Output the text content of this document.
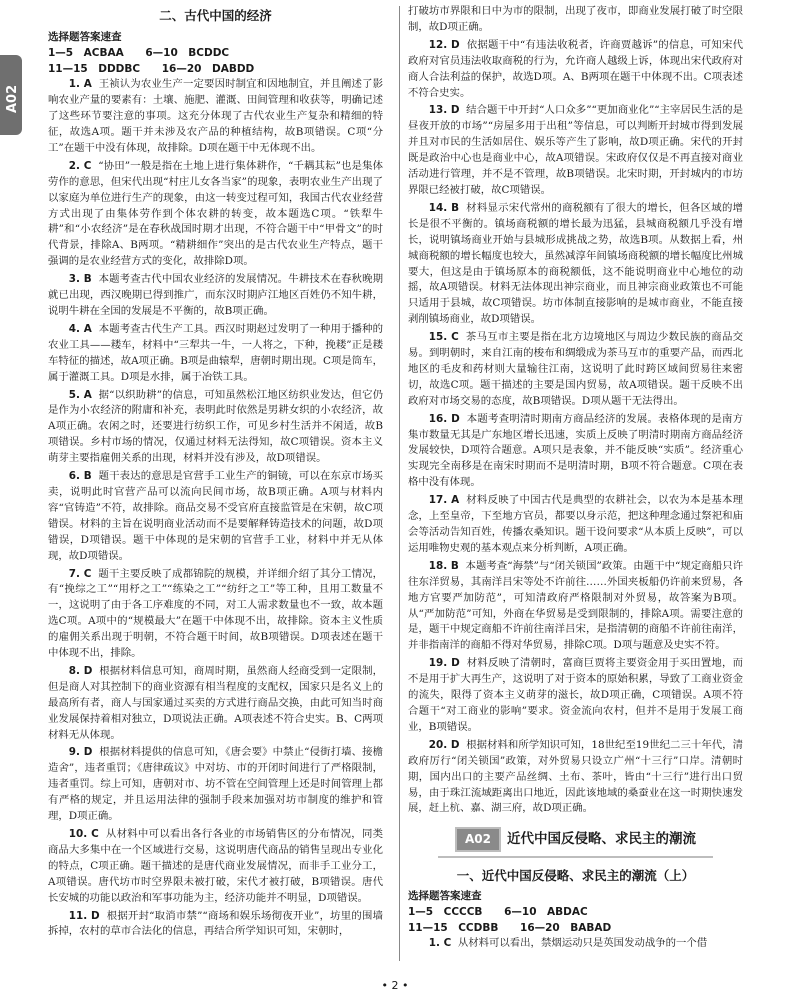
A02
二、古代中国的经济
选择题答案速查
1—5　ACBAA 6—10　BCDDC
11—15　DDDBC 16—20　DABDD

1. A 王祯认为农业生产一定要因时制宜和因地制宜，并且阐述了影响农业产量的要素有：土壤、施肥、灌溉、田间管理和收获等，明确记述了这些环节要注意的事项。这充分体现了古代农业生产复杂和精细的特征，故选A项。题干并未涉及农产品的种植结构，故B项错误。C项“分工”在题干中没有体现，故排除。D项在题干中无体现不出。

2. C “协田”一般是指在土地上进行集体耕作，“千耦其耘”也是集体劳作的意思，但宋代出现“村庄儿女各当家”的现象，表明农业生产出现了以家庭为单位进行生产的现象，由这一转变过程可知，我国古代农业经营方式出现了由集体劳作到个体农耕的转变，故本题选C项。“铁犁牛耕”和“小农经济”是在春秋战国时期才出现，不符合题干中“甲骨文”的时代背景，排除A、B两项。“精耕细作”突出的是古代农业生产特点，题干强调的是农业经营方式的变化，故排除D项。

3. B 本题考查古代中国农业经济的发展情况。牛耕技术在春秋晚期就已出现，西汉晚期已得到推广，而东汉时期庐江地区百姓仍不知牛耕，说明牛耕在全国的发展是不平衡的，故B项正确。

4. A 本题考查古代生产工具。西汉时期赵过发明了一种用于播种的农业工具——耧车，材料中“三犁共一牛，一人将之，下种，挽耧”正是耧车特征的描述，故A项正确。B项是曲辕犁，唐朝时期出现。C项是筒车，属于灌溉工具。D项是水排，属于冶铁工具。

5. A 据“以织助耕”的信息，可知虽然松江地区纺织业发达，但它仍是作为小农经济的附庸和补充，表明此时依然是男耕女织的小农经济，故A项正确。农闲之时，还要进行纺织工作，可见乡村生活并不闲适，故B项错误。乡村市场的情况，仅通过材料无法得知，故C项错误。资本主义萌芽主要指雇佣关系的出现，材料并没有涉及，故D项错误。

6. B 题干表达的意思是官营手工业生产的铜镜，可以在东京市场买卖，说明此时官营产品可以流向民间市场，故B项正确。A项与材料内容“官铸造”不符，故排除。商品交易不受官府直接监管是在宋朝，故C项错误。材料的主旨在说明商业活动而不是要解释铸造技术的问题，故D项错误，D项错误。题干中体现的是宋朝的官营手工业，材料中并无从体现，故D项错误。

7. C 题干主要反映了成都锦院的规模，并详细介绍了其分工情况，有“挽综之工”“用杼之工”“练染之工”“纺纡之工”等工种，且用工数量不一，这说明了由于各工序难度的不同，对工人需求数量也不一致，故本题选C项。A项中的“规模最大”在题干中体现不出，故排除。资本主义性质的雇佣关系出现于明朝，不符合题干时间，故B项错误。D项表述在题干中体现不出，排除。

8. D 根据材料信息可知，商周时期，虽然商人经商受到一定限制，但是商人对其控制下的商业资源有相当程度的支配权，国家只是名义上的最高所有者，商人与国家通过买卖的方式进行商品交换，由此可知当时商业发展保持着相对独立，D项说法正确。A项表述不符合史实。B、C两项材料无从体现。

9. D 根据材料提供的信息可知，《唐会要》中禁止“侵街打墙、接檐造舍”，违者重罚；《唐律疏议》中对坊、市的开闭时间进行了严格限制，违者重罚。综上可知，唐朝对市、坊不管在空间管理上还是时间管理上都有严格的规定，并且运用法律的强制手段来加强对坊市制度的维护和管理，D项正确。

10. C 从材料中可以看出各行各业的市场销售区的分布情况，同类商品大多集中在一个区域进行交易，这说明唐代商品的销售呈现出专业化的特点，C项正确。题干描述的是唐代商业发展情况，而非手工业分工，A项错误。唐代坊市时空界限未被打破，宋代才被打破，B项错误。唐代长安城的功能以政治和军事功能为主，经济功能并不明显，D项错误。

11. D 根据开封“取消市禁”“商场和娱乐场彻夜开业”，坊里的围墙拆掉，农村的草市合法化的信息，再结合所学知识可知，宋朝时，

打破坊市界限和日中为市的限制，出现了夜市，即商业发展打破了时空限制，故D项正确。

12. D 依据题干中“有违法收税者，许商贾越诉”的信息，可知宋代政府对官员违法收取商税的行为，允许商人越级上诉，体现出宋代政府对商人合法利益的保护，故选D项。A、B两项在题干中体现不出。C项表述不符合史实。

13. D 结合题干中开封“人口众多”“更加商业化”“主宰居民生活的是昼夜开放的市场”“房屋多用于出租”等信息，可以判断开封城市得到发展并且对市民的生活如居住、娱乐等产生了影响，故D项正确。宋代的开封既是政治中心也是商业中心，故A项错误。宋政府仅仅是不再直接对商业活动进行管理，并不是不管理，故B项错误。北宋时期，开封城内的市坊界限已经被打破，故C项错误。

14. B 材料显示宋代常州的商税额有了很大的增长，但各区域的增长是很不平衡的。镇场商税额的增长最为迅猛，县城商税额几乎没有增长，说明镇场商业开始与县城形成挑战之势，故选B项。从数据上看，州城商税额的增长幅度也较大，虽然减淳年间镇场商税额的增长幅度比州城要大，但这是由于镇场原本的商税额低，这不能说明商业中心地位的动摇，故A项错误。材料无法体现出神宗商业，而且神宗商业政策也不可能只适用于县城，故C项错误。坊市体制直接影响的是城市商业，不能直接剥削镇场商业，故D项错误。

15. C 茶马互市主要是指在北方边境地区与周边少数民族的商品交易。到明朝时，来自江南的梭布和绸缎成为茶马互市的重要产品，而西北地区的毛皮和药材则大量输往江南，这说明了此时跨区域间贸易往来密切，故选C项。题干描述的主要是国内贸易，故A项错误。题干反映不出政府对市场交易的态度，故B项错误。D项从题干无法得出。

16. D 本题考查明清时期南方商品经济的发展。表格体现的是南方集市数量无其是广东地区增长迅速，实质上反映了明清时期南方商品经济发展较快，D项符合题意。A项只是表象，并不能反映“实质”。经济重心实现完全南移是在南宋时期而不是明清时期，B项不符合题意。C项在表格中没有体现。

17. A 材料反映了中国古代是典型的农耕社会，以农为本是基本理念，上至皇帝，下至地方官员，都要以身示范，把这种理念通过祭祀和庙会等活动告知百姓，传播农桑知识。题干设问要求“从本质上反映”，可以运用唯物史观的基本观点来分析判断，A项正确。

18. B 本题考查“海禁”与“闭关锁国”政策。由题干中“规定商船只许往东洋贸易，其南洋吕宋等处不许前往……外国夹板船仍许前来贸易，各地方官要严加防范”，可知清政府严格限制对外贸易，故答案为B项。从“严加防范”可知，外商在华贸易是受到限制的，排除A项。需要注意的是，题干中规定商船不许前往南洋吕宋，是指清朝的商船不许前往南洋，并非指南洋的商船不得对华贸易，排除C项。D项与题意及史实不符。

19. D 材料反映了清朝时，富商巨贾将主要资金用于买田置地，而不是用于扩大再生产，这说明了对于资本的原始积累，导致了工商业资金的流失，限得了资本主义萌芽的滋长，故D项正确，C项错误。A项不符合题干“对工商业的影响”要求。资金流向农村，但并不是用于发展工商业，B项错误。

20. D 根据材料和所学知识可知，18世纪至19世纪二三十年代，清政府厉行“闭关锁国”政策，对外贸易只设立广州“十三行”口岸。清朝时期，国内出口的主要产品丝绸、土布、茶叶，皆由“十三行”进行出口贸易，由于珠江流域距离出口地近，因此该地域的桑蚕业在这一时期快速发展，赶上杭、嘉、湖三府，故D项正确。

A02 近代中国反侵略、求民主的潮流
一、近代中国反侵略、求民主的潮流（上）
选择题答案速查
1—5　CCCCB 6—10　ABDAC
11—15　CCDBB 16—20　BABAD

1. C 从材料可以看出，禁烟运动只是英国发动战争的一个借

• 2 •
